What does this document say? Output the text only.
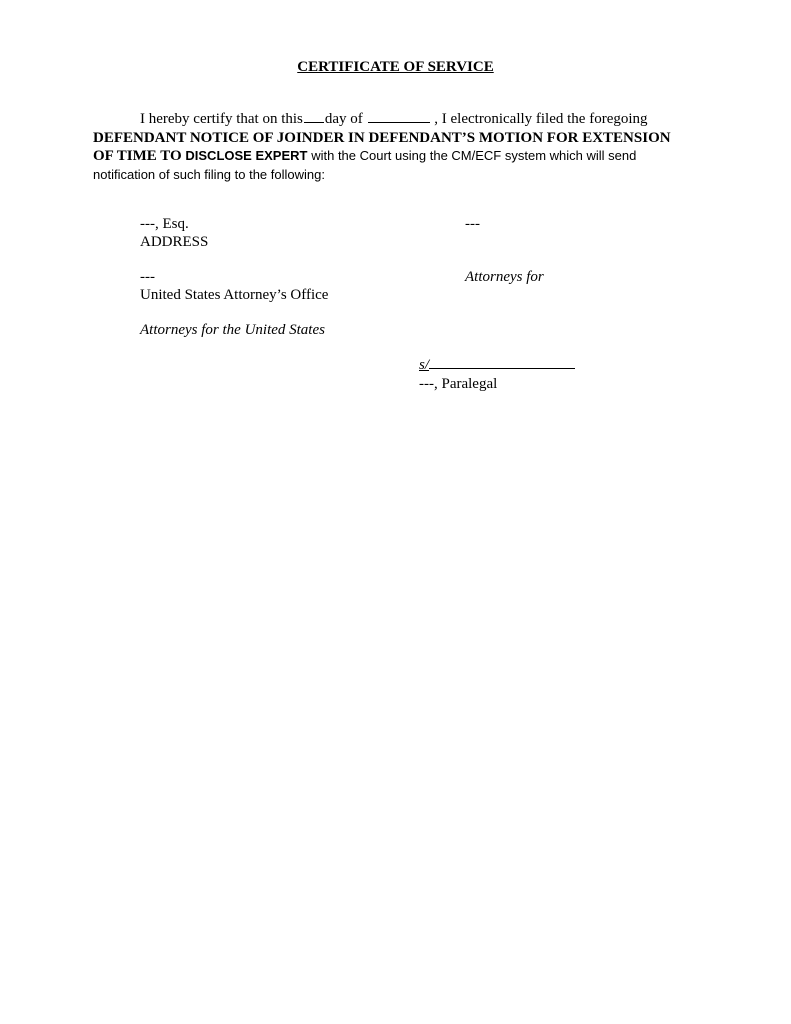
CERTIFICATE OF SERVICE
I hereby certify that on this day of	, I electronically filed the foregoing
DEFENDANT NOTICE OF JOINDER IN DEFENDANT’S MOTION FOR EXTENSION
OF TIME TO DISCLOSE EXPERT with the Court using the CM/ECF system which will send
notification of such filing to the following:
---, Esq.
ADDRESS
---
---
United States Attorney’s Office
Attorneys for
Attorneys for the United States
s/
---, Paralegal
